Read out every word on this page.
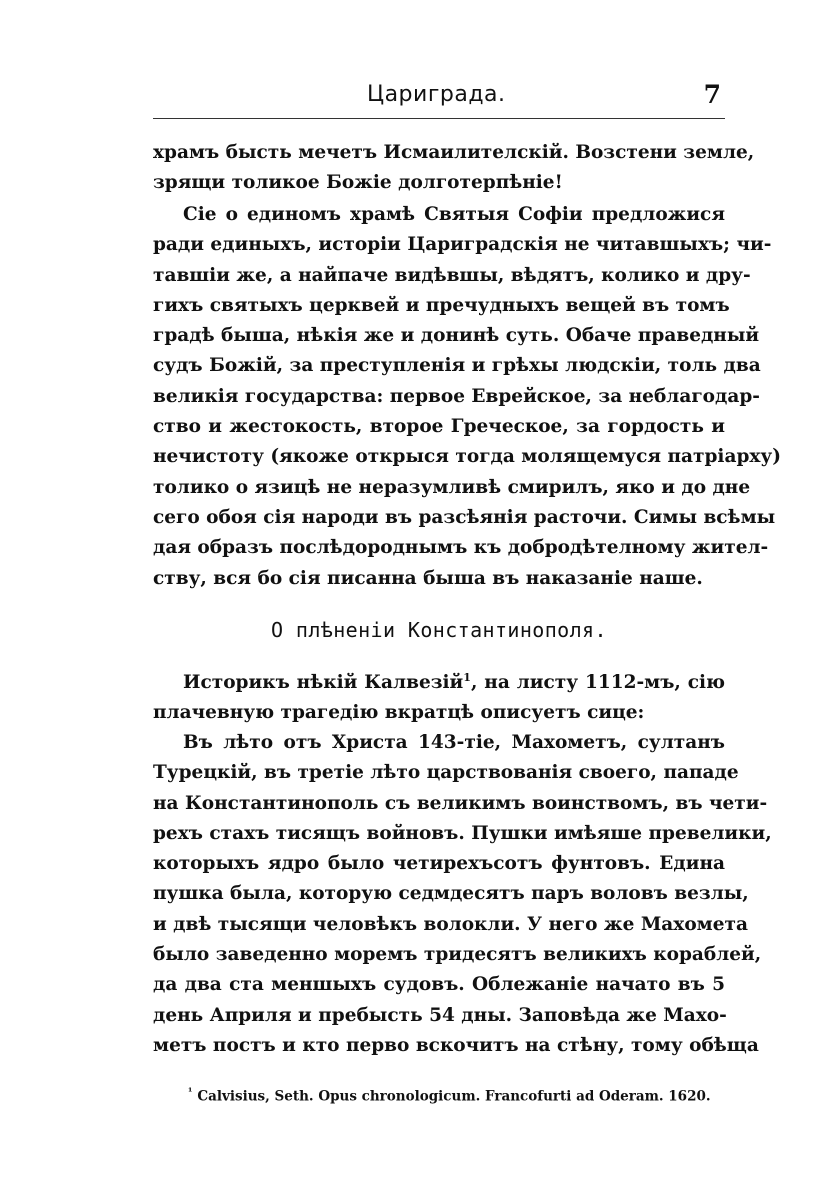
Цариграда.	7
храмъ бысть мечетъ Исмаилителскій. Возстени земле,
зрящи толикое Божіе долготерпѣніе!
Сіе о единомъ храмѣ Святыя Софіи предложися
ради единыхъ, исторіи Цариградскія не читавшыхъ; чи-
тавшіи же, а найпаче видѣвшы, вѣдятъ, колико и дру-
гихъ святыхъ церквей и пречудныхъ вещей въ томъ
градѣ быша, нѣкія же и донинѣ суть. Обаче праведный
судъ Божій, за преступленія и грѣхы людскіи, толь два
великія государства: первое Еврейское, за неблагодар-
ство и жестокость, второе Греческое, за гордость и
нечистоту (якоже открыся тогда молящемуся патріарху)
толико о язицѣ не неразумливѣ смирилъ, яко и до дне
сего обоя сія народи въ разсѣянія расточи. Симы всѣмы
дая образъ послѣдороднымъ къ добродѣтелному жител-
ству, вся бо сія писанна быша въ наказаніе наше.
О плѣненіи Константинополя.
Историкъ нѣкій Калвезій$^1$, на листу 1112-мъ, сію
плачевную трагедію вкратцѣ описуетъ сице:
Въ лѣто отъ Христа 143-тіе, Махометъ, султанъ
Турецкій, въ третіе лѣто царствованія своего, пападе
на Константинополь съ великимъ воинствомъ, въ чети-
рехъ стахъ тисящъ войновъ. Пушки имѣяше превелики,
которыхъ ядро было четирехъсотъ фунтовъ. Едина
пушка была, которую седмдесятъ паръ воловъ везлы,
и двѣ тысящи человѣкъ волокли. У него же Махомета
было заведенно моремъ тридесятъ великихъ кораблей,
да два ста меншыхъ судовъ. Облежаніе начато въ 5
день Априля и пребысть 54 дны. Заповѣда же Махо-
метъ постъ и кто перво вскочитъ на стѣну, тому обѣща
$^{^1}$ Calvisius, Seth. Opus chronologicum. Francofurti ad Oderam. 1620.
